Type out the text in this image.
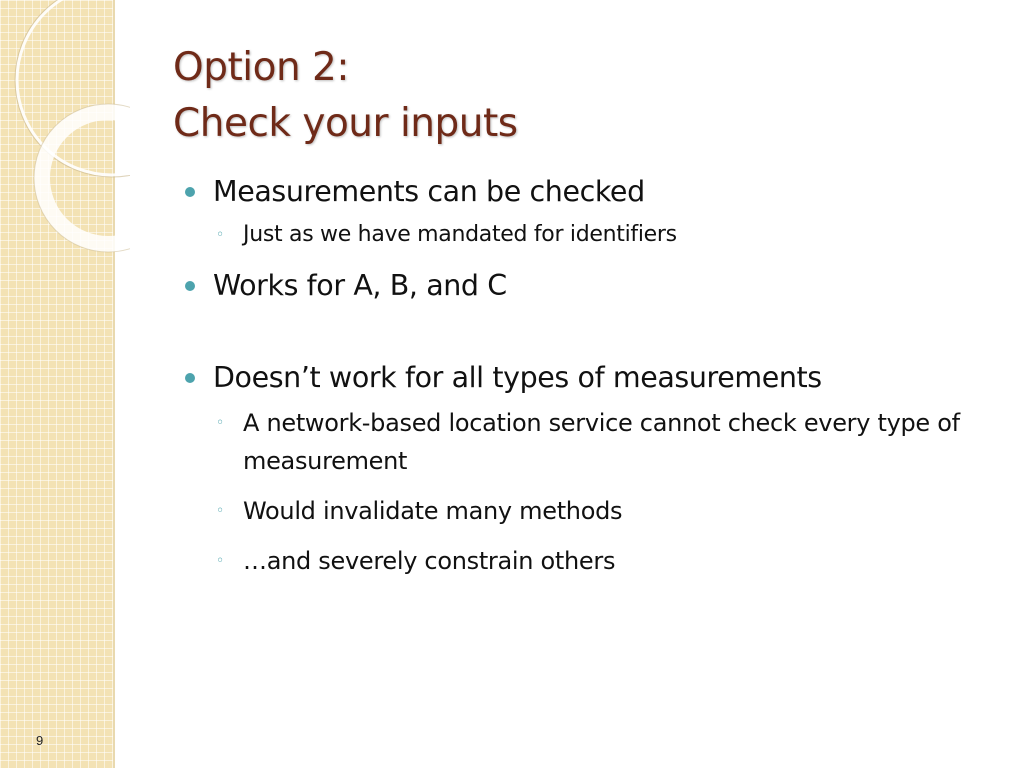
9
Option 2:
Check your inputs
Measurements can be checked
◦ Just as we have mandated for identifiers
Works for A, B, and C
Doesn’t work for all types of measurements
◦ A network-based location service cannot check every type of measurement
◦ Would invalidate many methods
◦ …and severely constrain others
